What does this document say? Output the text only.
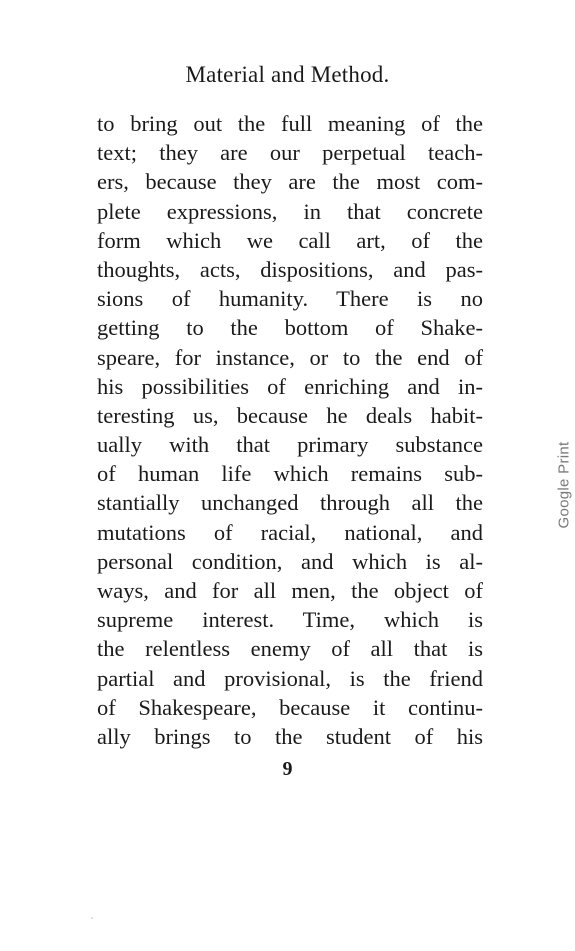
Material and Method.
to bring out the full meaning of the
text; they are our perpetual teach-
ers, because they are the most com-
plete expressions, in that concrete
form which we call art, of the
thoughts, acts, dispositions, and pas-
sions of humanity. There is no
getting to the bottom of Shake-
speare, for instance, or to the end of
his possibilities of enriching and in-
teresting us, because he deals habit-
ually with that primary substance
of human life which remains sub-
stantially unchanged through all the
mutations of racial, national, and
personal condition, and which is al-
ways, and for all men, the object of
supreme interest. Time, which is
the relentless enemy of all that is
partial and provisional, is the friend
of Shakespeare, because it continu-
ally brings to the student of his
9
Google Print
